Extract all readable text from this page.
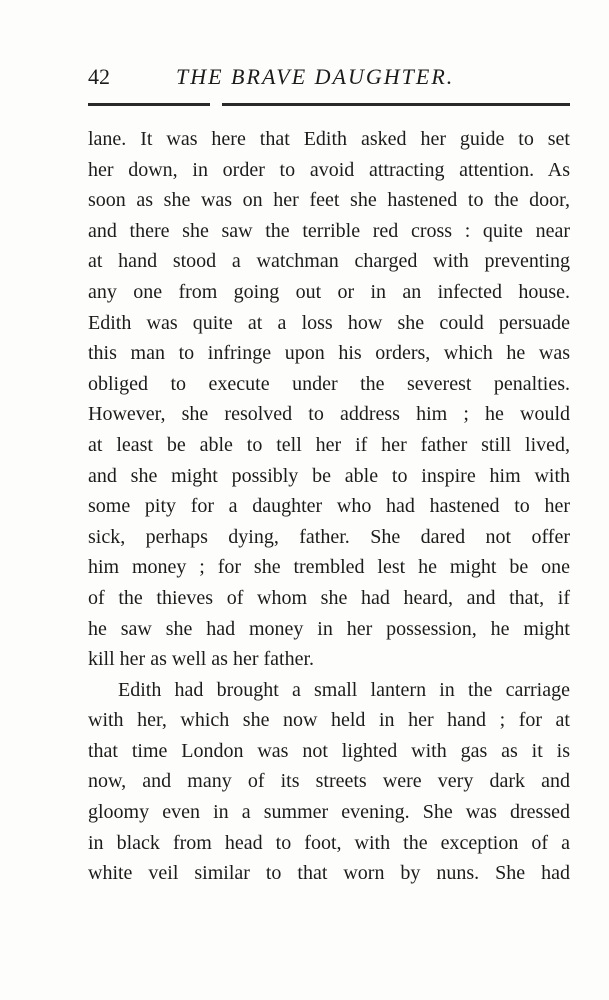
42	THE BRAVE DAUGHTER.
lane. It was here that Edith asked her guide to set
her down, in order to avoid attracting attention. As
soon as she was on her feet she hastened to the door,
and there she saw the terrible red cross : quite near
at hand stood a watchman charged with preventing
any one from going out or in an infected house.
Edith was quite at a loss how she could persuade
this man to infringe upon his orders, which he was
obliged to execute under the severest penalties.
However, she resolved to address him ; he would
at least be able to tell her if her father still lived,
and she might possibly be able to inspire him with
some pity for a daughter who had hastened to her
sick, perhaps dying, father. She dared not offer
him money ; for she trembled lest he might be one
of the thieves of whom she had heard, and that, if
he saw she had money in her possession, he might
kill her as well as her father.
Edith had brought a small lantern in the carriage
with her, which she now held in her hand ; for at
that time London was not lighted with gas as it is
now, and many of its streets were very dark and
gloomy even in a summer evening. She was dressed
in black from head to foot, with the exception of a
white veil similar to that worn by nuns. She had
